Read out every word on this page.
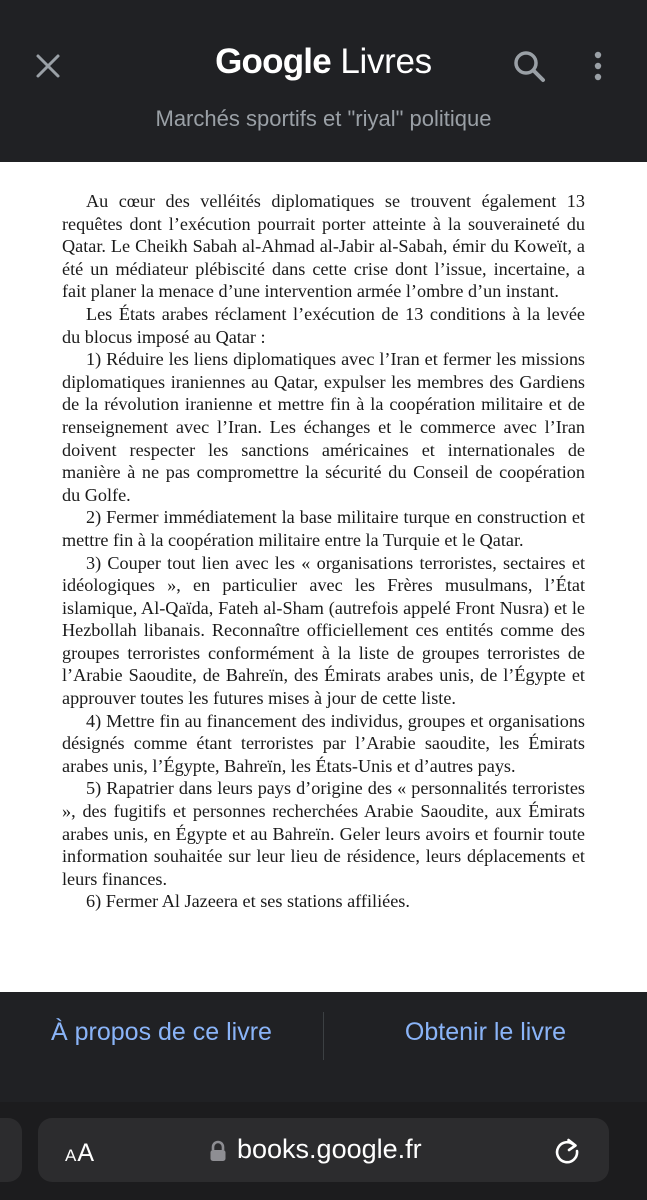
Google Livres
Marchés sportifs et "riyal" politique

Au cœur des velléités diplomatiques se trouvent également 13 requêtes dont l’exécution pourrait porter atteinte à la souveraineté du Qatar. Le Cheikh Sabah al-Ahmad al-Jabir al-Sabah, émir du Koweït, a été un médiateur plébiscité dans cette crise dont l’issue, incertaine, a fait planer la menace d’une intervention armée l’ombre d’un instant.

Les États arabes réclament l’exécution de 13 conditions à la levée du blocus imposé au Qatar :

1) Réduire les liens diplomatiques avec l’Iran et fermer les missions diplomatiques iraniennes au Qatar, expulser les membres des Gardiens de la révolution iranienne et mettre fin à la coopération militaire et de renseignement avec l’Iran. Les échanges et le commerce avec l’Iran doivent respecter les sanctions américaines et internationales de manière à ne pas compromettre la sécurité du Conseil de coopération du Golfe.

2) Fermer immédiatement la base militaire turque en construction et mettre fin à la coopération militaire entre la Turquie et le Qatar.

3) Couper tout lien avec les « organisations terroristes, sectaires et idéologiques », en particulier avec les Frères musulmans, l’État islamique, Al-Qaïda, Fateh al-Sham (autrefois appelé Front Nusra) et le Hezbollah libanais. Reconnaître officiellement ces entités comme des groupes terroristes conformément à la liste de groupes terroristes de l’Arabie Saoudite, de Bahreïn, des Émirats arabes unis, de l’Égypte et approuver toutes les futures mises à jour de cette liste.

4) Mettre fin au financement des individus, groupes et organisations désignés comme étant terroristes par l’Arabie saoudite, les Émirats arabes unis, l’Égypte, Bahreïn, les États-Unis et d’autres pays.

5) Rapatrier dans leurs pays d’origine des « personnalités terroristes », des fugitifs et personnes recherchées Arabie Saoudite, aux Émirats arabes unis, en Égypte et au Bahreïn. Geler leurs avoirs et fournir toute information souhaitée sur leur lieu de résidence, leurs déplacements et leurs finances.

6) Fermer Al Jazeera et ses stations affiliées.

À propos de ce livre	Obtenir le livre
A A	books.google.fr
